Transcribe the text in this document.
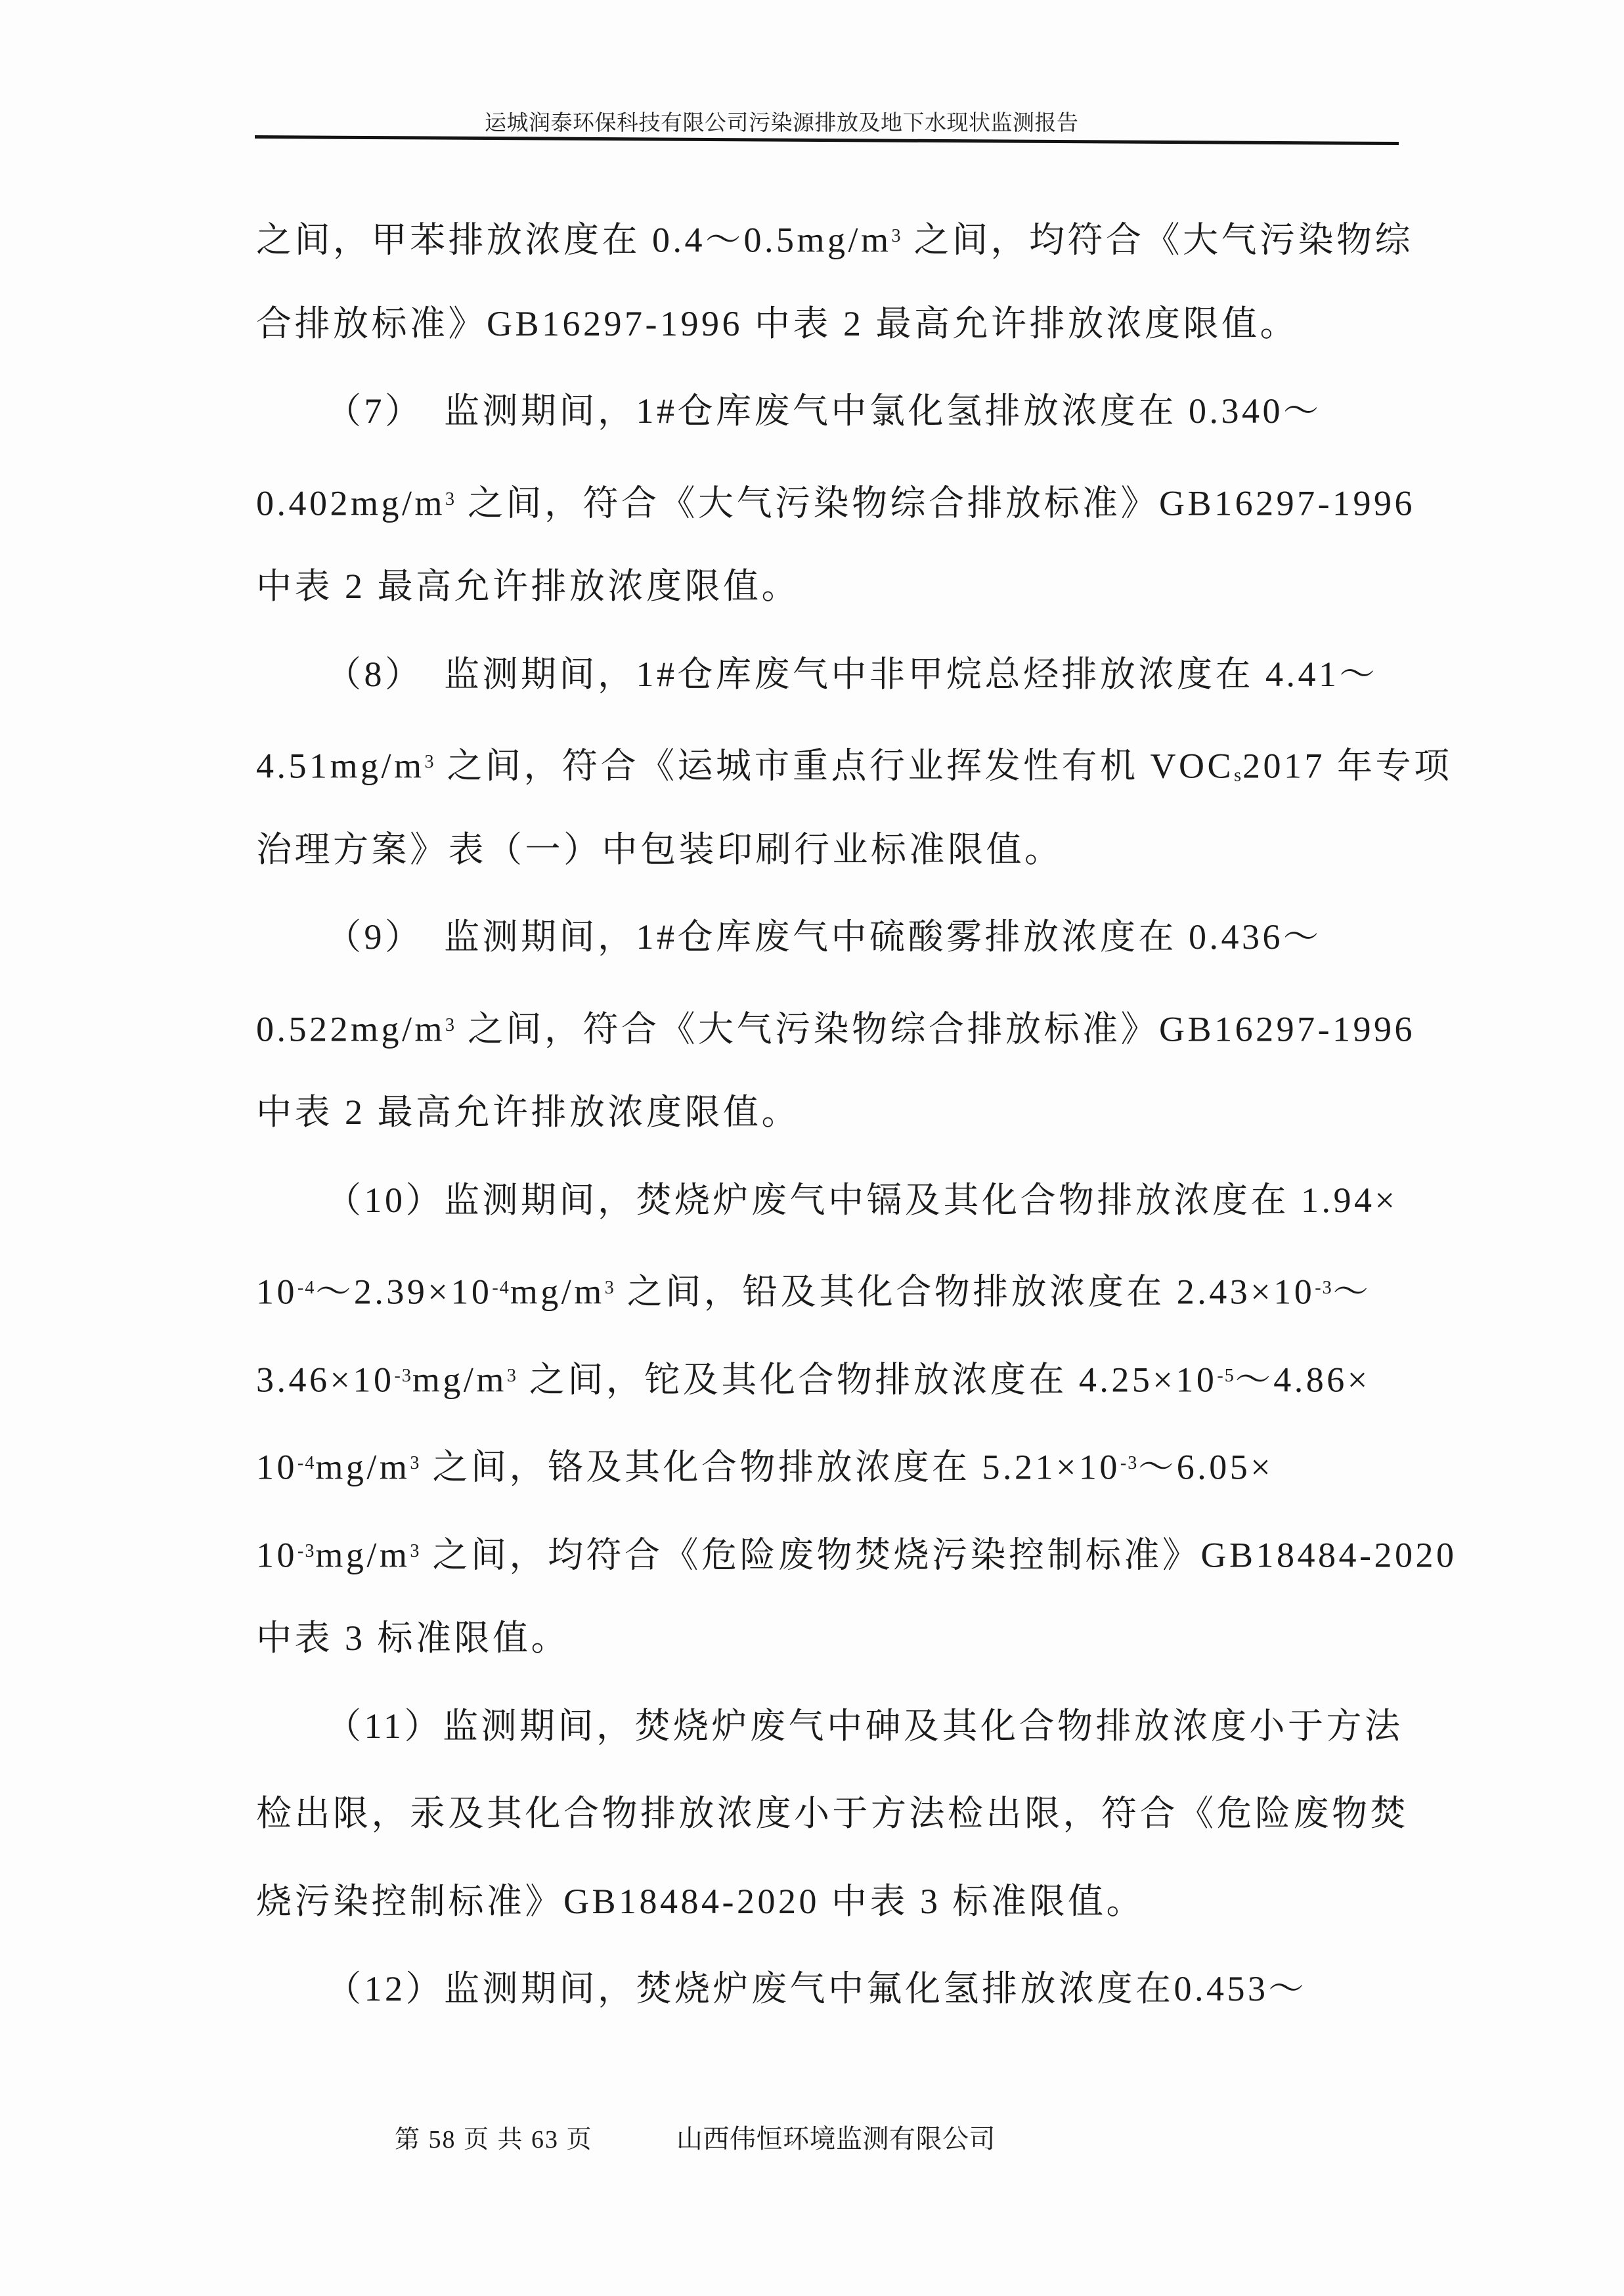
运城润泰环保科技有限公司污染源排放及地下水现状监测报告
之间，甲苯排放浓度在 $0.4\sim 0.5mg/m^3$ 之间，均符合《大气污染物综
合排放标准》GB16297-1996 中表 2 最高允许排放浓度限值。
（7）　监测期间，1#仓库废气中氯化氢排放浓度在 0.340～
$0.402mg/m^3$ 之间，符合《大气污染物综合排放标准》GB16297-1996
中表 2 最高允许排放浓度限值。
（8）　监测期间，1#仓库废气中非甲烷总烃排放浓度在 4.41～
$4.51mg/m^3$ 之间，符合《运城市重点行业挥发性有机 VOCs2017 年专项
治理方案》表（一）中包装印刷行业标准限值。
（9）　监测期间，1#仓库废气中硫酸雾排放浓度在 0.436～
$0.522mg/m^3$ 之间，符合《大气污染物综合排放标准》GB16297-1996
中表 2 最高允许排放浓度限值。
（10）监测期间，焚烧炉废气中镉及其化合物排放浓度在 1.94×
$10^{-4}\sim 2.39\times 10^{-4}mg/m^3$ 之间，铅及其化合物排放浓度在 $2.43\times 10^{-3}\sim$
$3.46\times 10^{-3}mg/m^3$ 之间，铊及其化合物排放浓度在 $4.25\times 10^{-5}\sim 4.86\times$
$10^{-4}mg/m^3$ 之间，铬及其化合物排放浓度在 $5.21\times 10^{-3}\sim 6.05\times$
$10^{-3}mg/m^3$ 之间，均符合《危险废物焚烧污染控制标准》GB18484-2020
中表 3 标准限值。
（11）监测期间，焚烧炉废气中砷及其化合物排放浓度小于方法
检出限，汞及其化合物排放浓度小于方法检出限，符合《危险废物焚
烧污染控制标准》GB18484-2020 中表 3 标准限值。
（12）监测期间，焚烧炉废气中氟化氢排放浓度在0.453～
第 58 页 共 63 页	山西伟恒环境监测有限公司
